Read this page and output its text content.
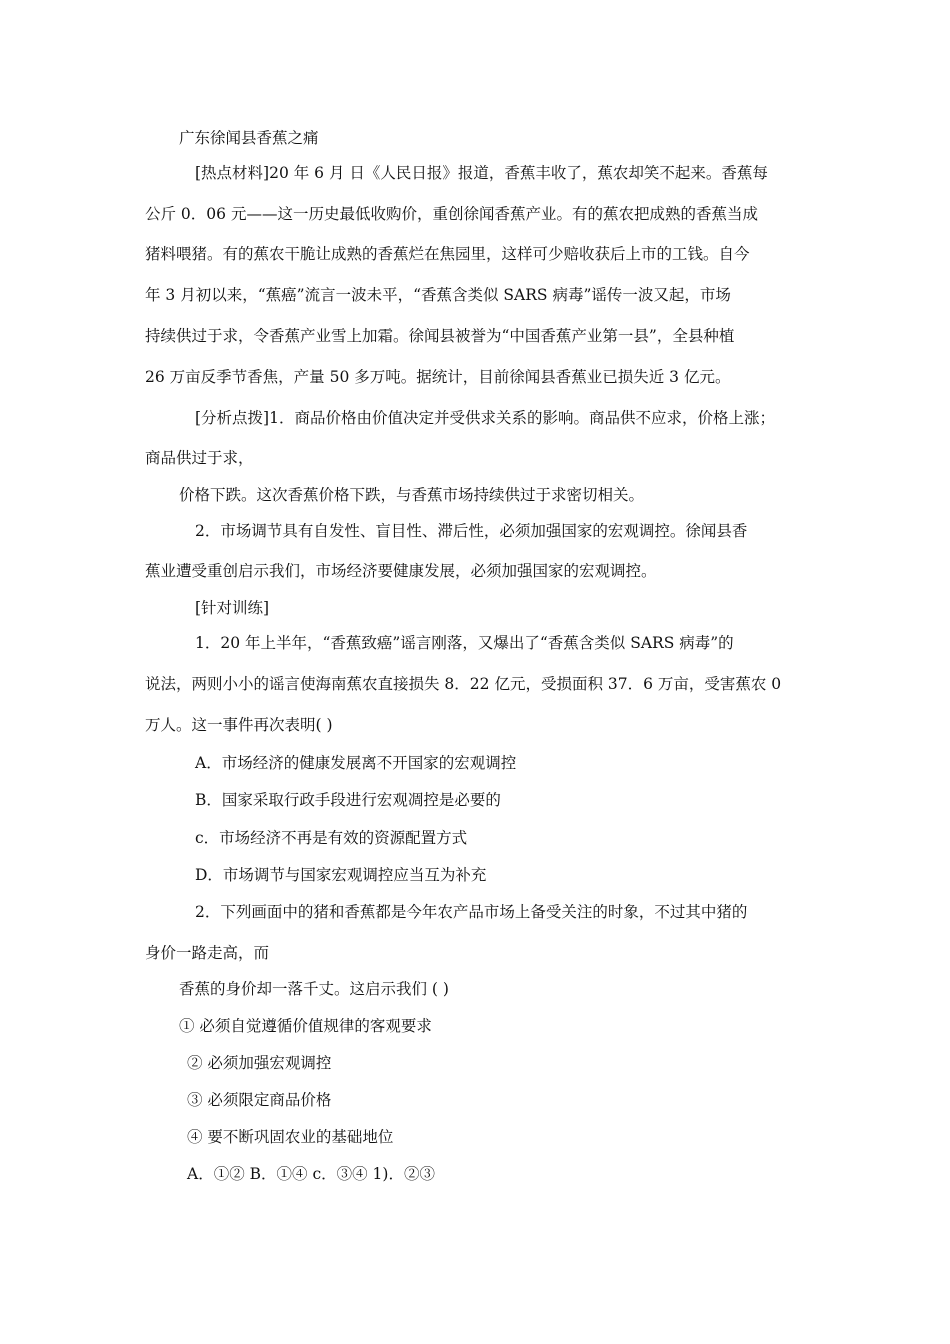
广东徐闻县香蕉之痛
[热点材料]20 年 6 月 日《人民日报》报道，香蕉丰收了，蕉农却笑不起来。香蕉每
公斤 0．06 元——这一历史最低收购价，重创徐闻香蕉产业。有的蕉农把成熟的香蕉当成
猪料喂猪。有的蕉农干脆让成熟的香蕉烂在焦园里，这样可少赔收获后上市的工钱。自今
年 3 月初以来，“蕉癌”流言一波未平，“香蕉含类似 SARS 病毒”谣传一波又起，市场
持续供过于求，令香蕉产业雪上加霜。徐闻县被誉为“中国香蕉产业第一县”，全县种植
26 万亩反季节香焦，产量 50 多万吨。据统计，目前徐闻县香蕉业已损失近 3 亿元。
[分析点拨]1．商品价格由价值决定并受供求关系的影响。商品供不应求，价格上涨；
商品供过于求，
价格下跌。这次香蕉价格下跌，与香蕉市场持续供过于求密切相关。
2．市场调节具有自发性、盲目性、滞后性，必须加强国家的宏观调控。徐闻县香
蕉业遭受重创启示我们，市场经济要健康发展，必须加强国家的宏观调控。
[针对训练]
1．20 年上半年，“香蕉致癌”谣言刚落，又爆出了“香蕉含类似 SARS 病毒”的
说法，两则小小的谣言使海南蕉农直接损失 8．22 亿元，受损面积 37．6 万亩，受害蕉农 0
万人。这一事件再次表明( )
A．市场经济的健康发展离不开国家的宏观调控
B．国家采取行政手段进行宏观凋控是必要的
c．市场经济不再是有效的资源配置方式
D．市场调节与国家宏观调控应当互为补充
2．下列画面中的猪和香蕉都是今年农产品市场上备受关注的时象，不过其中猪的
身价一路走高，而
香蕉的身价却一落千丈。这启示我们 ( )
① 必须自觉遵循价值规律的客观要求
② 必须加强宏观调控
③ 必须限定商品价格
④ 要不断巩固农业的基础地位
A．①② B．①④ c．③④ 1)．②③
